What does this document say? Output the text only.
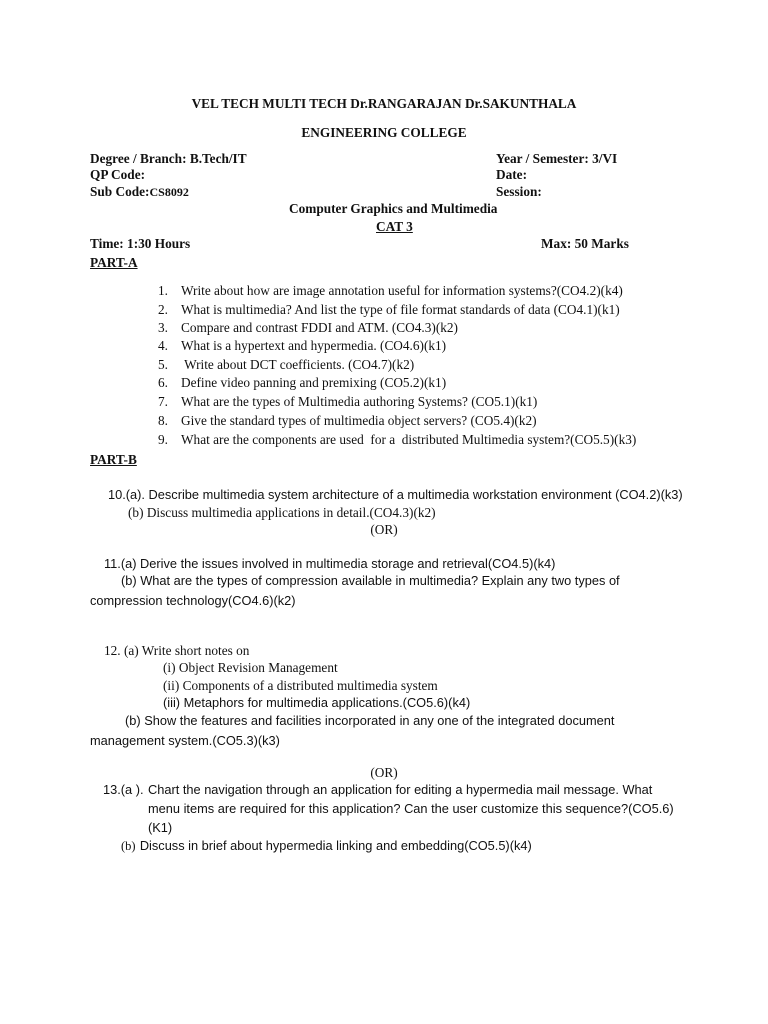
VEL TECH MULTI TECH Dr.RANGARAJAN Dr.SAKUNTHALA
ENGINEERING COLLEGE
Degree / Branch: B.Tech/IT
QP Code:
Sub Code:CS8092
Year / Semester: 3/VI
Date:
Session:
Computer Graphics and Multimedia
CAT 3
Time: 1:30 Hours	Max: 50 Marks
PART-A
1. Write about how are image annotation useful for information systems?(CO4.2)(k4)
2. What is multimedia? And list the type of file format standards of data (CO4.1)(k1)
3. Compare and contrast FDDI and ATM. (CO4.3)(k2)
4. What is a hypertext and hypermedia. (CO4.6)(k1)
5. Write about DCT coefficients. (CO4.7)(k2)
6. Define video panning and premixing (CO5.2)(k1)
7. What are the types of Multimedia authoring Systems? (CO5.1)(k1)
8. Give the standard types of multimedia object servers? (CO5.4)(k2)
9. What are the components are used  for a  distributed Multimedia system?(CO5.5)(k3)
PART-B
10.(a). Describe multimedia system architecture of a multimedia workstation environment (CO4.2)(k3)
(b) Discuss multimedia applications in detail.(CO4.3)(k2)
(OR)
11.(a) Derive the issues involved in multimedia storage and retrieval(CO4.5)(k4)
(b) What are the types of compression available in multimedia? Explain any two types of
compression technology(CO4.6)(k2)
12. (a) Write short notes on
(i) Object Revision Management
(ii) Components of a distributed multimedia system
(iii) Metaphors for multimedia applications.(CO5.6)(k4)
(b) Show the features and facilities incorporated in any one of the integrated document
management system.(CO5.3)(k3)
(OR)
13.(a ). Chart the navigation through an application for editing a hypermedia mail message. What
menu items are required for this application? Can the user customize this sequence?(CO5.6)
(K1)
(b) Discuss in brief about hypermedia linking and embedding(CO5.5)(k4)
